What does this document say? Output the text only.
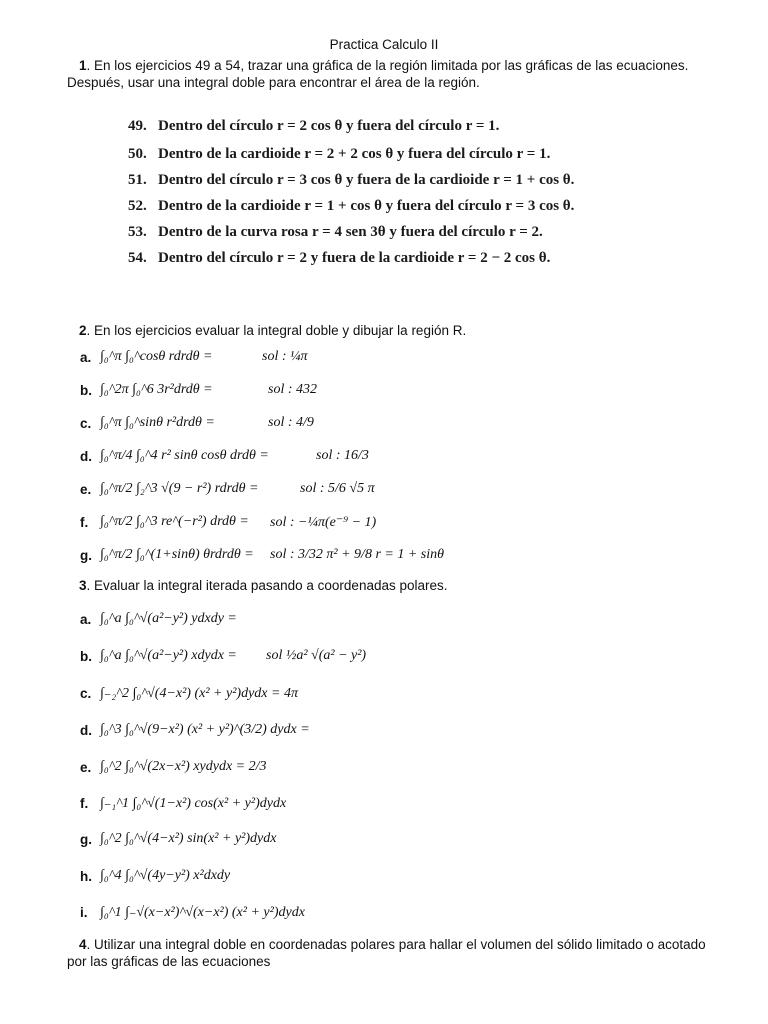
Practica Calculo II
1. En los ejercicios 49 a 54, trazar una gráfica de la región limitada por las gráficas de las ecuaciones. Después, usar una integral doble para encontrar el área de la región.
49. Dentro del círculo r = 2 cos θ y fuera del círculo r = 1.
50. Dentro de la cardioide r = 2 + 2 cos θ y fuera del círculo r = 1.
51. Dentro del círculo r = 3 cos θ y fuera de la cardioide r = 1 + cos θ.
52. Dentro de la cardioide r = 1 + cos θ y fuera del círculo r = 3 cos θ.
53. Dentro de la curva rosa r = 4 sen 3θ y fuera del círculo r = 2.
54. Dentro del círculo r = 2 y fuera de la cardioide r = 2 − 2 cos θ.
2. En los ejercicios evaluar la integral doble y dibujar la región R.
a. ∫₀^π ∫₀^cosθ rdrdθ =	sol : ¼π
b. ∫₀^2π ∫₀^6 3r²drdθ =	sol : 432
c. ∫₀^π ∫₀^sinθ r²drdθ =	sol : 4/9
d. ∫₀^π/4 ∫₀^4 r² sinθ cosθ drdθ =	sol : 16/3
e. ∫₀^π/2 ∫₂^3 √(9 − r²) rdrdθ =	sol : 5/6 √5 π
f. ∫₀^π/2 ∫₀^3 re^(−r²) drdθ = sol : −¼π(e⁻⁹ − 1)
g. ∫₀^π/2 ∫₀^(1+sinθ) θrdrdθ = sol : 3/32 π² + 9/8 r = 1 + sinθ
3. Evaluar la integral iterada pasando a coordenadas polares.
a. ∫₀^a ∫₀^√(a²−y²) ydxdy =
b. ∫₀^a ∫₀^√(a²−y²) xdydx = sol ½a² √(a² − y²)
c. ∫₋₂^2 ∫₀^√(4−x²) (x² + y²)dydx = 4π
d. ∫₀^3 ∫₀^√(9−x²) (x² + y²)^(3/2) dydx =
e. ∫₀^2 ∫₀^√(2x−x²) xydydx = 2/3
f. ∫₋₁^1 ∫₀^√(1−x²) cos(x² + y²)dydx
g. ∫₀^2 ∫₀^√(4−x²) sin(x² + y²)dydx
h. ∫₀^4 ∫₀^√(4y−y²) x²dxdy
i. ∫₀^1 ∫₋√(x−x²)^√(x−x²) (x² + y²)dydx
4. Utilizar una integral doble en coordenadas polares para hallar el volumen del sólido limitado o acotado por las gráficas de las ecuaciones
